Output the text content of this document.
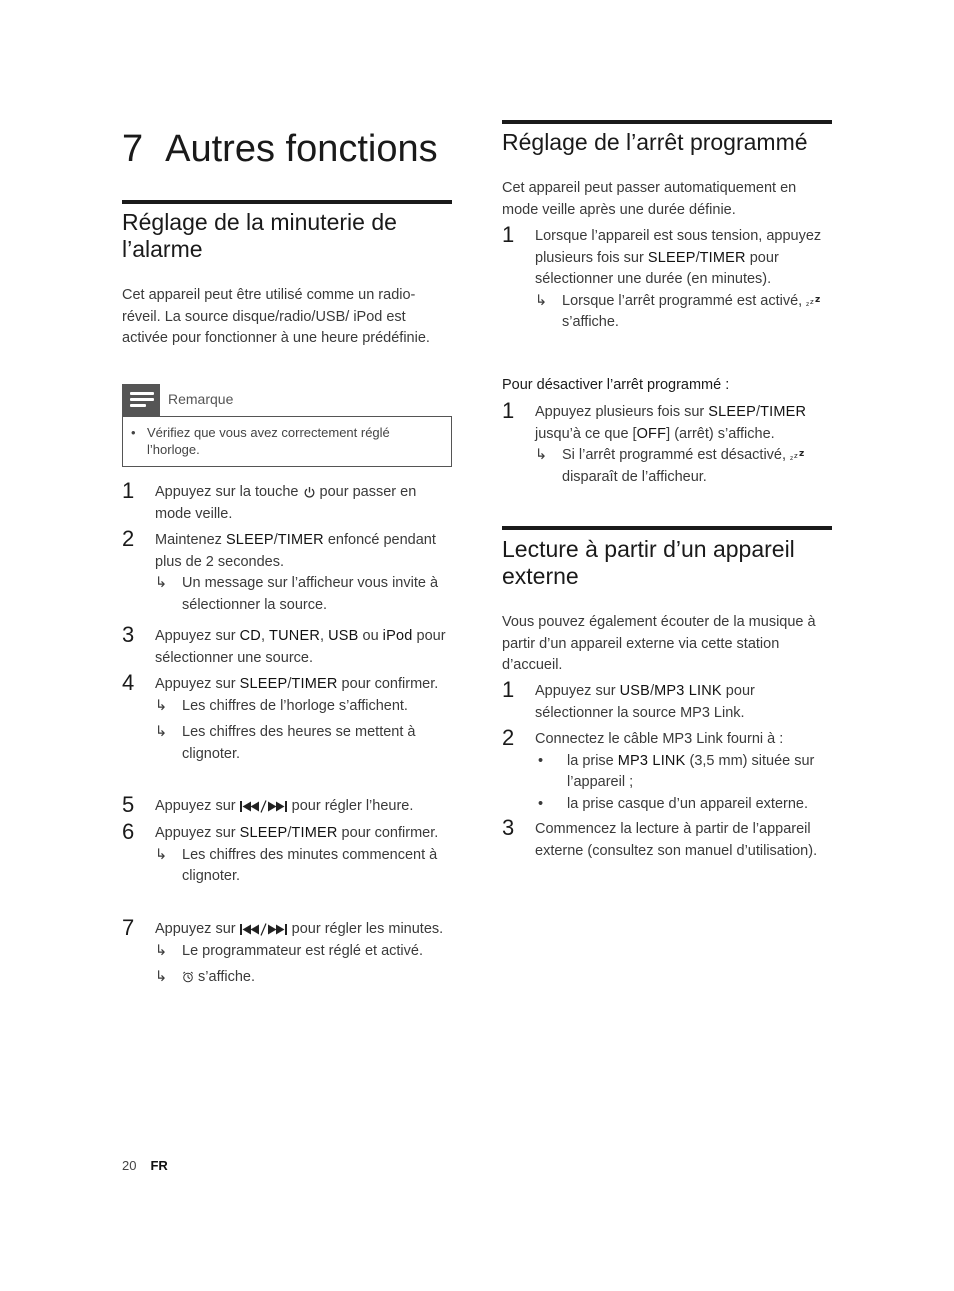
7 Autres fonctions
Réglage de la minuterie de
l’alarme
Cet appareil peut être utilisé comme un radio-réveil. La source disque/radio/USB/ iPod est activée pour fonctionner à une heure prédéfinie.
Remarque
• Vérifiez que vous avez correctement réglé l’horloge.
1 Appuyez sur la touche  pour passer en mode veille.
2 Maintenez SLEEP/TIMER enfoncé pendant plus de 2 secondes.
↳ Un message sur l’afficheur vous invite à sélectionner la source.
3 Appuyez sur CD, TUNER, USB ou iPod pour sélectionner une source.
4 Appuyez sur SLEEP/TIMER pour confirmer.
↳ Les chiffres de l’horloge s’affichent.
↳ Les chiffres des heures se mettent à clignoter.
5 Appuyez sur	pour régler l’heure.
6 Appuyez sur SLEEP/TIMER pour confirmer.
↳ Les chiffres des minutes commencent à clignoter.
7 Appuyez sur	pour régler les minutes.
↳ Le programmateur est réglé et activé.
↳ s’affiche.
Réglage de l’arrêt programmé
Cet appareil peut passer automatiquement en mode veille après une durée définie.
1 Lorsque l’appareil est sous tension, appuyez plusieurs fois sur SLEEP/TIMER pour sélectionner une durée (en minutes).
↳ Lorsque l’arrêt programmé est activé, z z z
s’affiche.
Pour désactiver l’arrêt programmé :
1 Appuyez plusieurs fois sur SLEEP/TIMER jusqu’à ce que [OFF] (arrêt) s’affiche.
↳ Si l’arrêt programmé est désactivé, z z z
disparaît de l’afficheur.
Lecture à partir d’un appareil
externe
Vous pouvez également écouter de la musique à partir d’un appareil externe via cette station d’accueil.
1 Appuyez sur USB/MP3 LINK pour sélectionner la source MP3 Link.
2 Connectez le câble MP3 Link fourni à :
• la prise MP3 LINK (3,5 mm) située sur l’appareil ;
• la prise casque d’un appareil externe.
3 Commencez la lecture à partir de l’appareil externe (consultez son manuel d’utilisation).
20 FR
